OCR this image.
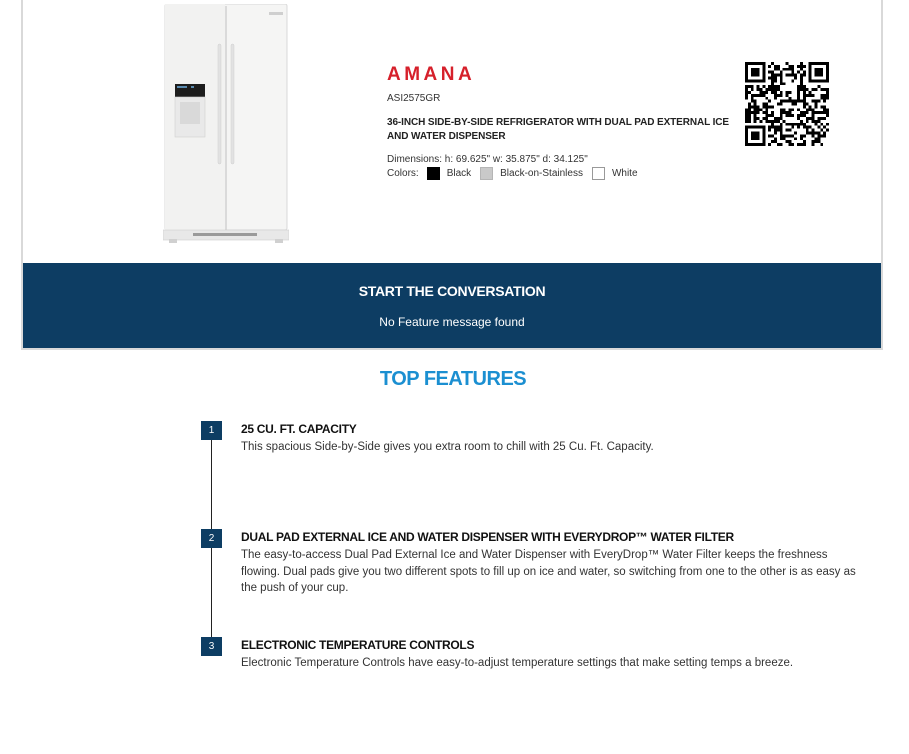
AMANA
ASI2575GR
36-INCH SIDE-BY-SIDE REFRIGERATOR WITH DUAL PAD EXTERNAL ICE AND WATER DISPENSER
Dimensions: h: 69.625" w: 35.875" d: 34.125"
Colors:	Black	Black-on-Stainless	White
START THE CONVERSATION
No Feature message found
TOP FEATURES
1	25 CU. FT. CAPACITY

This spacious Side-by-Side gives you extra room to chill with 25 Cu. Ft. Capacity.

2	DUAL PAD EXTERNAL ICE AND WATER DISPENSER WITH EVERYDROP™ WATER FILTER

The easy-to-access Dual Pad External Ice and Water Dispenser with EveryDrop™ Water Filter keeps the freshness flowing. Dual pads give you two different spots to fill up on ice and water, so switching from one to the other is as easy as the push of your cup.

3	ELECTRONIC TEMPERATURE CONTROLS

Electronic Temperature Controls have easy-to-adjust temperature settings that make setting temps a breeze.
